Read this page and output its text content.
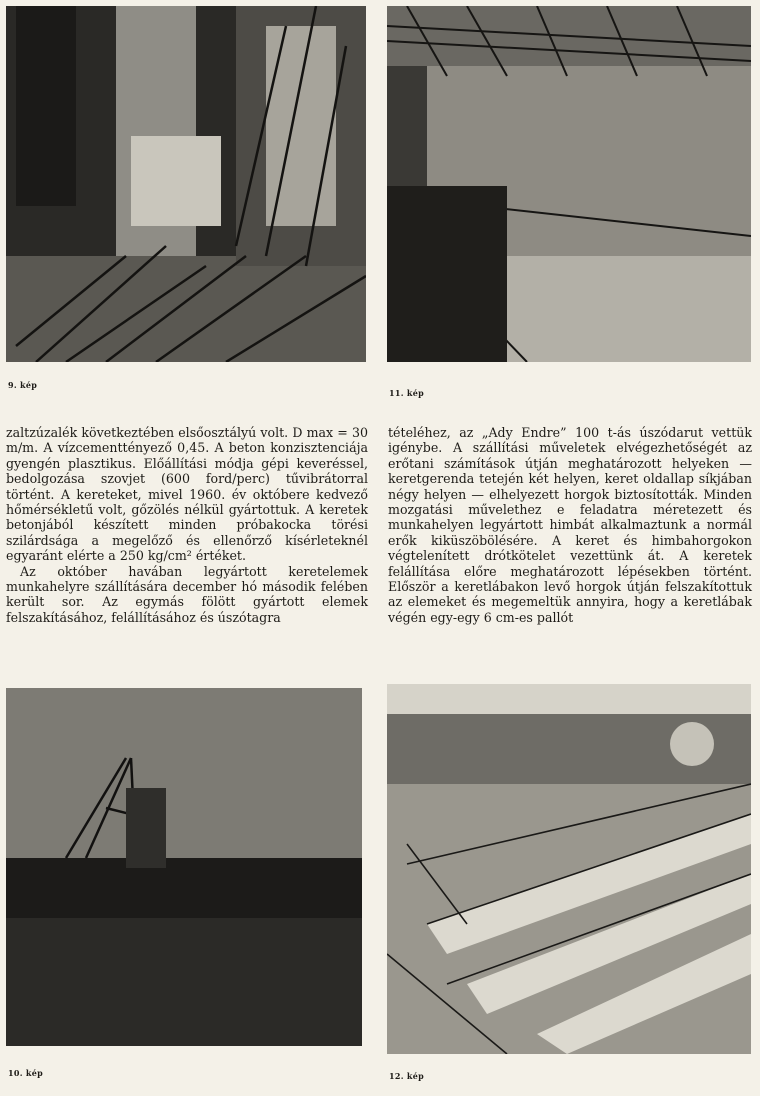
9. kép
11. kép

zaltzúzalék következtében elsőosztályú volt. D max = 30 m/m. A vízcementtényező 0,45. A beton konzisztenciája gyengén plasztikus. Előállítási módja gépi keveréssel, bedolgozása szovjet (600 ford/perc) tűvibrátorral történt. A kereteket, mivel 1960. év októbere kedvező hőmérsékletű volt, gőzölés nélkül gyártottuk. A keretek betonjából készített minden próbakocka törési szilárdsága a megelőző és ellenőrző kísérleteknél egyaránt elérte a 250 kg/cm² értéket.

Az október havában legyártott keretelemek munkahelyre szállítására december hó második felében került sor. Az egymás fölött gyártott elemek felszakításához, felállításához és úszótagra

tételéhez, az „Ady Endre” 100 t-ás úszódarut vettük igénybe. A szállítási műveletek elvégezhetőségét az erőtani számítások útján meghatározott helyeken — keretgerenda tetején két helyen, keret oldallap síkjában négy helyen — elhelyezett horgok biztosították. Minden mozgatási művelethez e feladatra méretezett és munkahelyen legyártott himbát alkalmaztunk a normál erők kiküszöbölésére. A keret és himbahorgokon végtelenített drótkötelet vezettünk át. A keretek felállítása előre meghatározott lépésekben történt. Először a keretlábakon levő horgok útján felszakítottuk az elemeket és megemeltük annyira, hogy a keretlábak végén egy-egy 6 cm-es pallót

10. kép	12. kép
